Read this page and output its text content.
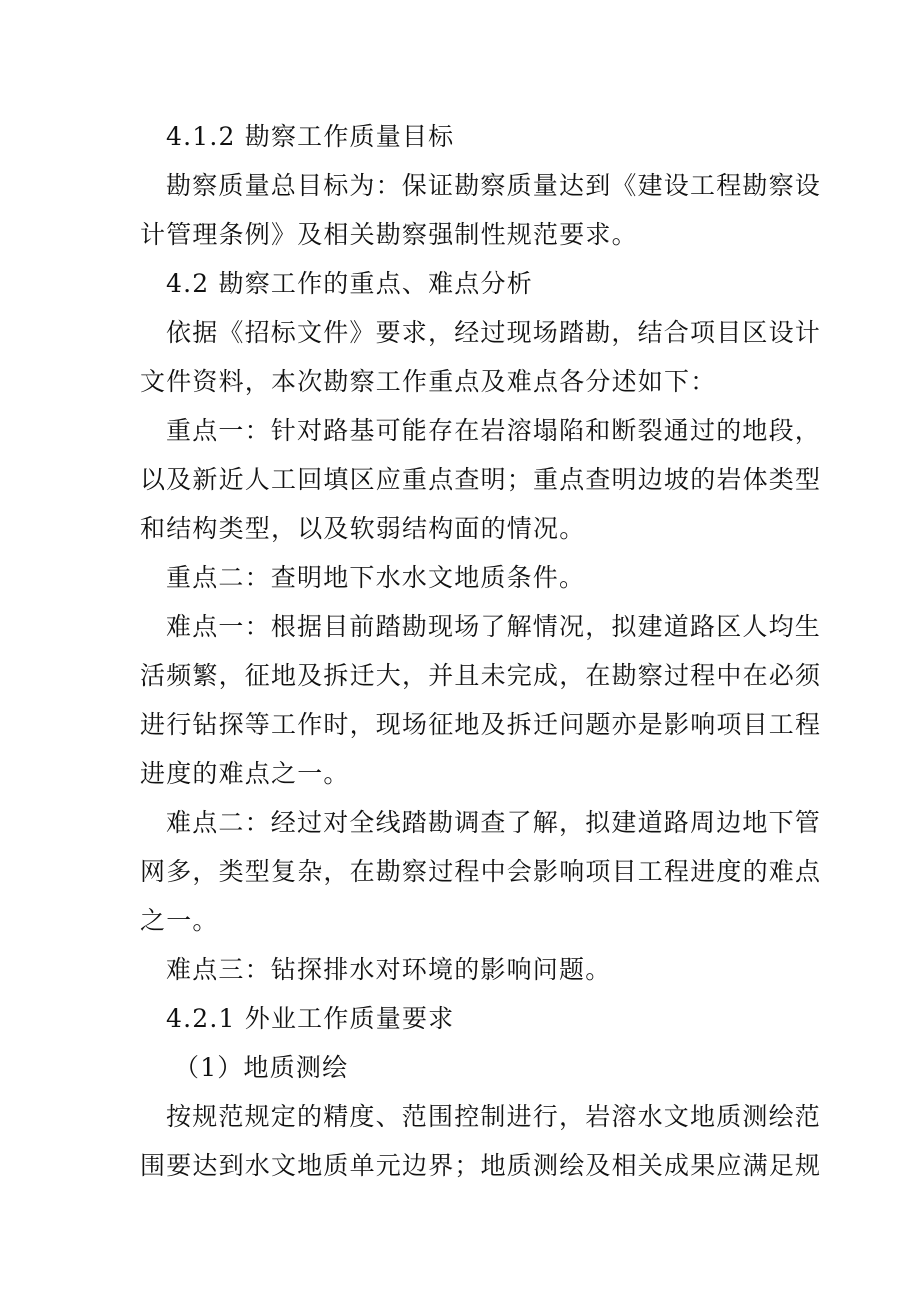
4.1.2 勘察工作质量目标
勘察质量总目标为：保证勘察质量达到《建设工程勘察设
计管理条例》及相关勘察强制性规范要求。
4.2 勘察工作的重点、难点分析
依据《招标文件》要求，经过现场踏勘，结合项目区设计
文件资料，本次勘察工作重点及难点各分述如下：
重点一：针对路基可能存在岩溶塌陷和断裂通过的地段，
以及新近人工回填区应重点查明；重点查明边坡的岩体类型
和结构类型，以及软弱结构面的情况。
重点二：查明地下水水文地质条件。
难点一：根据目前踏勘现场了解情况，拟建道路区人均生
活频繁，征地及拆迁大，并且未完成，在勘察过程中在必须
进行钻探等工作时，现场征地及拆迁问题亦是影响项目工程
进度的难点之一。
难点二：经过对全线踏勘调查了解，拟建道路周边地下管
网多，类型复杂，在勘察过程中会影响项目工程进度的难点
之一。
难点三：钻探排水对环境的影响问题。
4.2.1 外业工作质量要求
（1）地质测绘
按规范规定的精度、范围控制进行，岩溶水文地质测绘范
围要达到水文地质单元边界；地质测绘及相关成果应满足规
